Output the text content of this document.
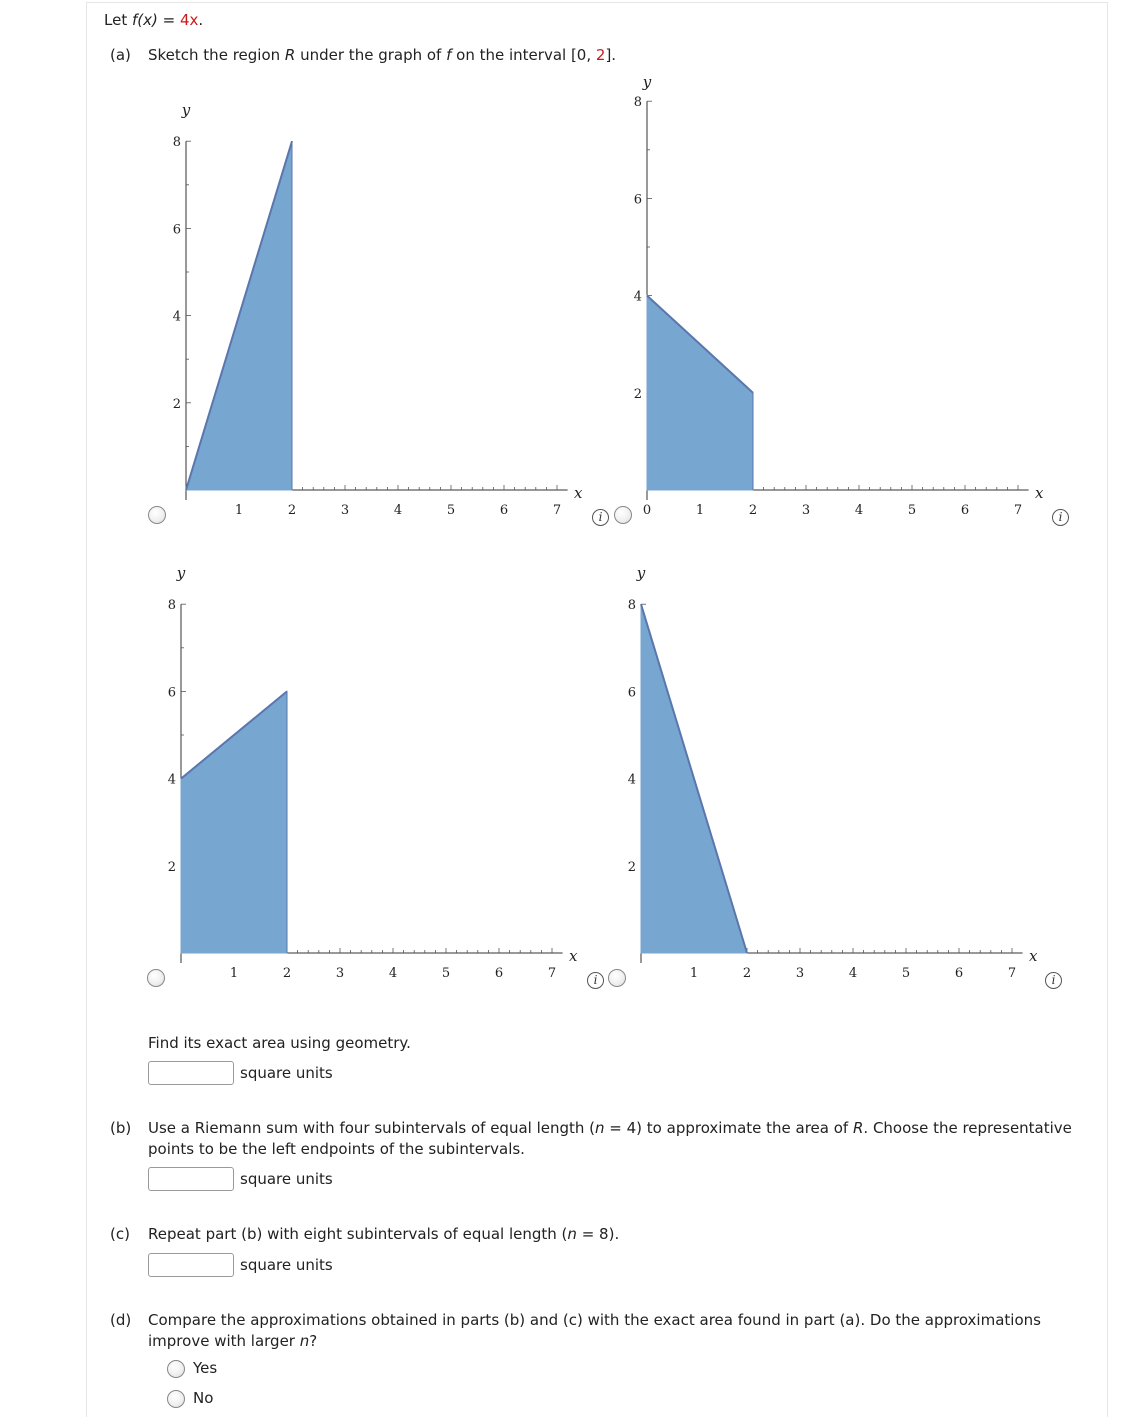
Let f(x) = 4x.
(a) Sketch the region R under the graph of f on the interval [0, 2].
1	2	3	4	5	6	7
2
4
6
8
x
y
1	2	3	4	5	6	7
2
4
6
8
0
x
y
1	2	3	4	5	6	7
2
4
6
8
x
y
1	2	3	4	5	6	7
2
4
6
8
x
y
i	i
i	i
Find its exact area using geometry.
square units
(b) Use a Riemann sum with four subintervals of equal length (n = 4) to approximate the area of R. Choose the representative
points to be the left endpoints of the subintervals.
square units
(c) Repeat part (b) with eight subintervals of equal length (n = 8).
square units
(d) Compare the approximations obtained in parts (b) and (c) with the exact area found in part (a). Do the approximations
improve with larger n?
Yes
No
